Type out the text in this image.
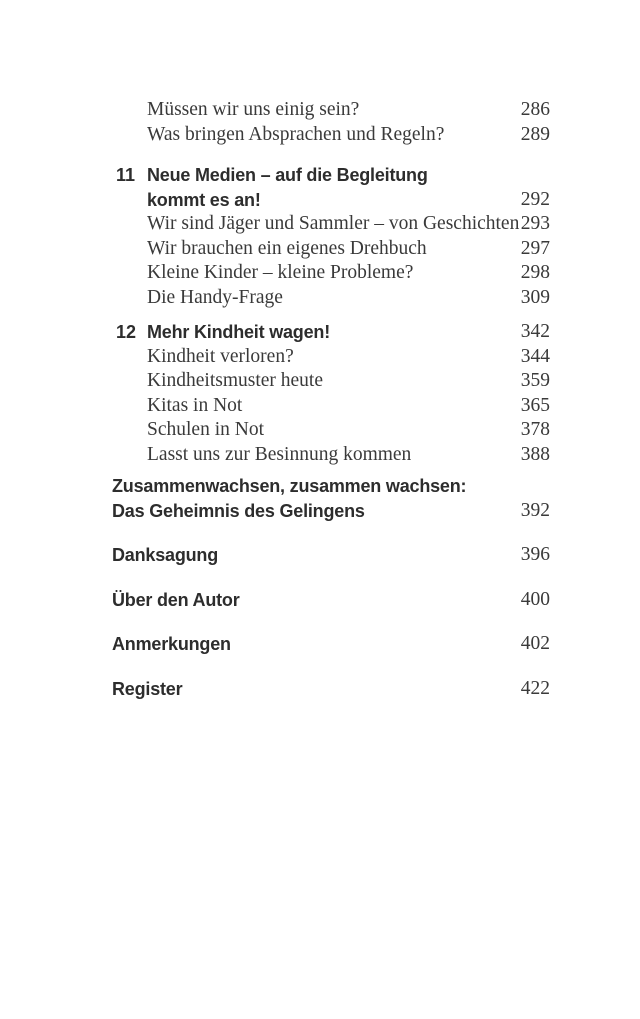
Müssen wir uns einig sein?	286
Was bringen Absprachen und Regeln?	289
11 Neue Medien – auf die Begleitung
kommt es an!	292
Wir sind Jäger und Sammler – von Geschichten 293
Wir brauchen ein eigenes Drehbuch	297
Kleine Kinder – kleine Probleme?	298
Die Handy-Frage	309
12 Mehr Kindheit wagen!	342
Kindheit verloren?	344
Kindheitsmuster heute	359
Kitas in Not	365
Schulen in Not	378
Lasst uns zur Besinnung kommen	388
Zusammenwachsen, zusammen wachsen:
Das Geheimnis des Gelingens	392
Danksagung	396
Über den Autor	400
Anmerkungen	402
Register	422
